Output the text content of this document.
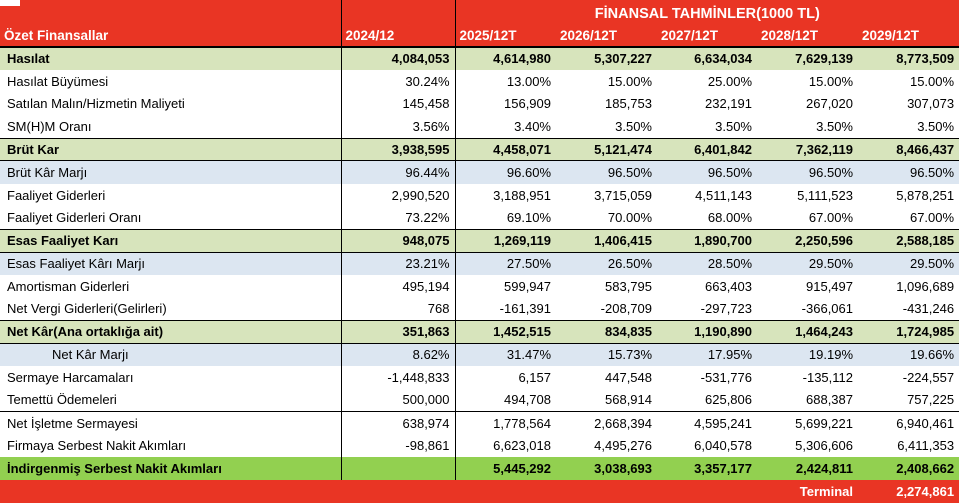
		FİNANSAL TAHMİNLER(1000 TL)				
Özet Finansallar	2024/12	2025/12T	2026/12T	2027/12T	2028/12T	2029/12T
Hasılat	4,084,053	4,614,980	5,307,227	6,634,034	7,629,139	8,773,509
Hasılat Büyümesi	30.24%	13.00%	15.00%	25.00%	15.00%	15.00%
Satılan Malın/Hizmetin Maliyeti	145,458	156,909	185,753	232,191	267,020	307,073
SM(H)M Oranı	3.56%	3.40%	3.50%	3.50%	3.50%	3.50%
Brüt Kar	3,938,595	4,458,071	5,121,474	6,401,842	7,362,119	8,466,437
Brüt Kâr Marjı	96.44%	96.60%	96.50%	96.50%	96.50%	96.50%
Faaliyet Giderleri	2,990,520	3,188,951	3,715,059	4,511,143	5,111,523	5,878,251
Faaliyet Giderleri Oranı	73.22%	69.10%	70.00%	68.00%	67.00%	67.00%
Esas Faaliyet Karı	948,075	1,269,119	1,406,415	1,890,700	2,250,596	2,588,185
Esas Faaliyet Kârı Marjı	23.21%	27.50%	26.50%	28.50%	29.50%	29.50%
Amortisman Giderleri	495,194	599,947	583,795	663,403	915,497	1,096,689
Net Vergi Giderleri(Gelirleri)	768	-161,391	-208,709	-297,723	-366,061	-431,246
Net Kâr(Ana ortaklığa ait)	351,863	1,452,515	834,835	1,190,890	1,464,243	1,724,985
Net Kâr Marjı	8.62%	31.47%	15.73%	17.95%	19.19%	19.66%
Sermaye Harcamaları	-1,448,833	6,157	447,548	-531,776	-135,112	-224,557
Temettü Ödemeleri	500,000	494,708	568,914	625,806	688,387	757,225
Net İşletme Sermayesi	638,974	1,778,564	2,668,394	4,595,241	5,699,221	6,940,461
Firmaya Serbest Nakit Akımları	-98,861	6,623,018	4,495,276	6,040,578	5,306,606	6,411,353
İndirgenmiş Serbest Nakit Akımları		5,445,292	3,038,693	3,357,177	2,424,811	2,408,662
					Terminal	2,274,861
